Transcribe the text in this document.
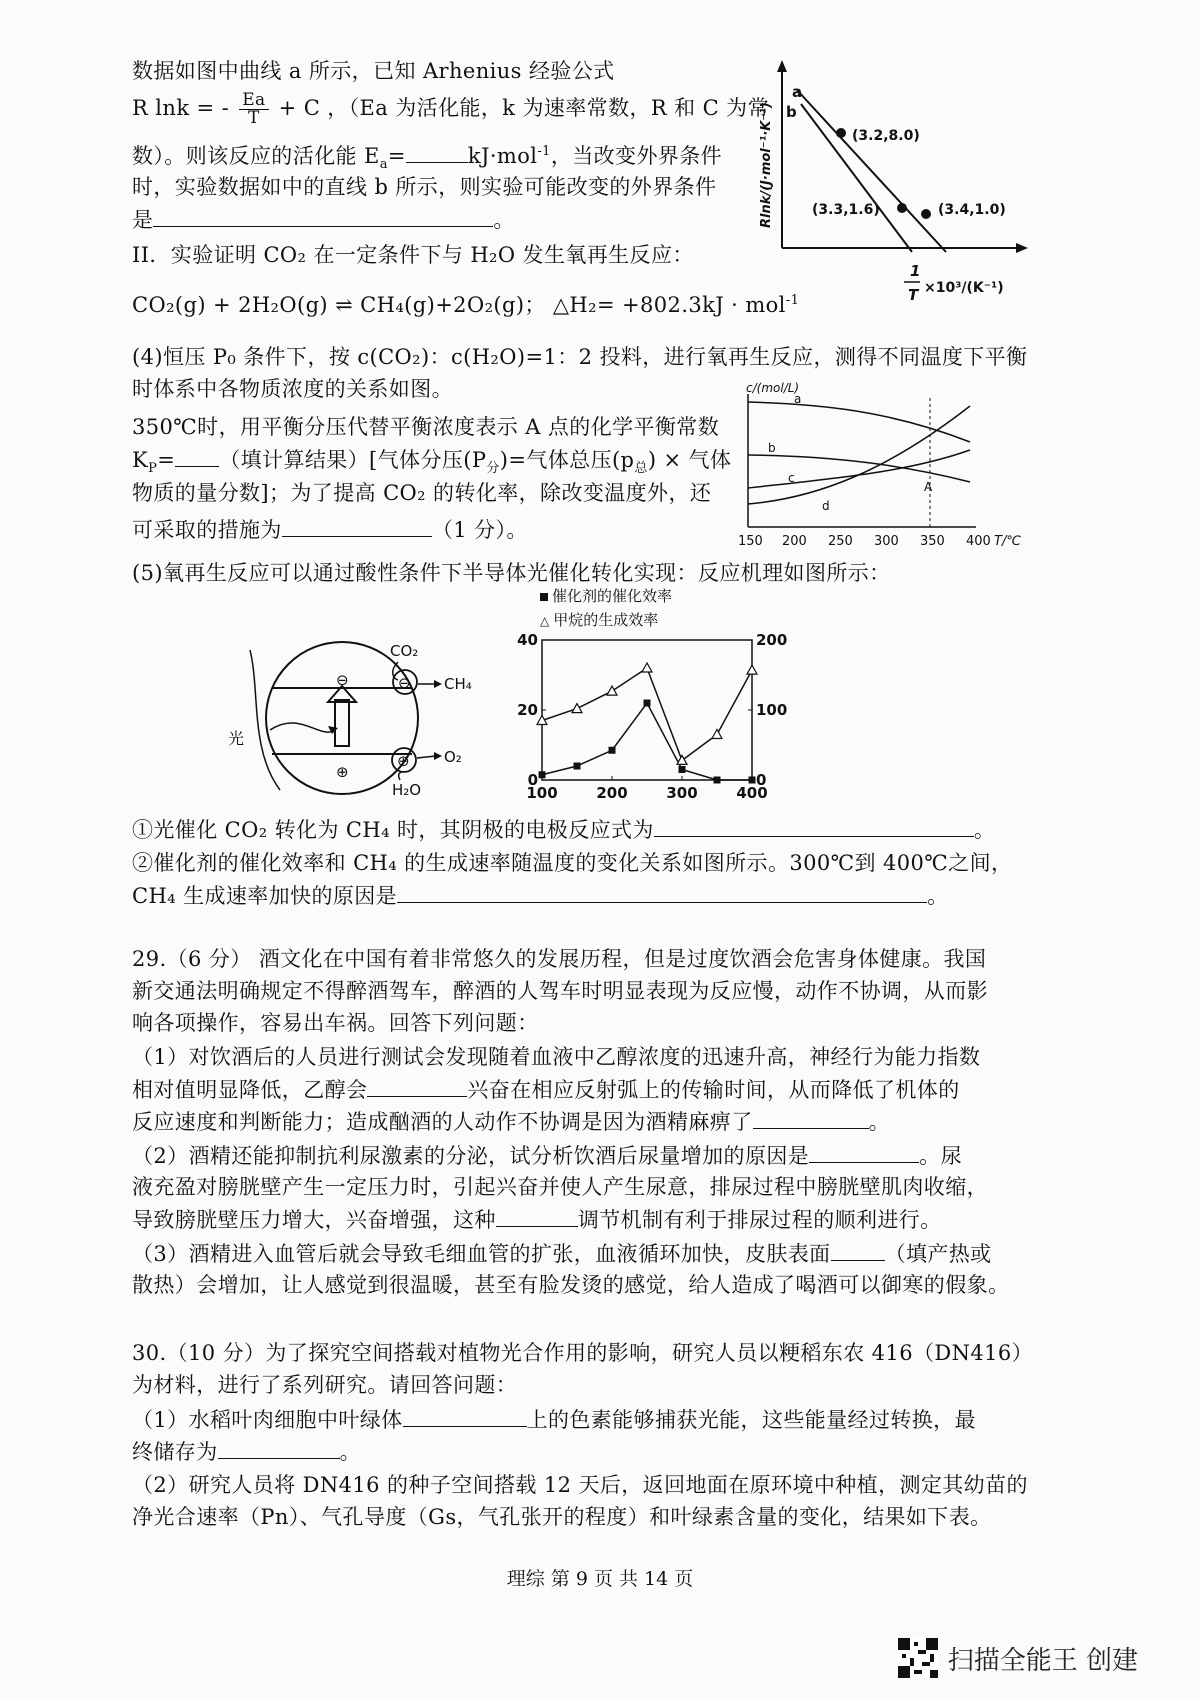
数据如图中曲线 a 所示，已知 Arhenius 经验公式
R lnk = - $\frac{Ea}{T} + C$ ，（Ea 为活化能，k 为速率常数，R 和 C 为常
数）。则该反应的活化能 $E_a=$	kJ·mol$^{-1}$，当改变外界条件
时，实验数据如中的直线 b 所示，则实验可能改变的外界条件
是	。
II．实验证明 CO₂ 在一定条件下与 H₂O 发生氧再生反应：
CO₂(g) + 2H₂O(g) ⇌ CH₄(g)+2O₂(g)； △H₂= +802.3kJ · mol$^{-1}$
a
b
(3.2,8.0)
(3.3,1.6)	(3.4,1.0)
Rlnk/(J·mol⁻¹·K⁻¹)
1
T ×10³/(K⁻¹)
(4)恒压 P₀ 条件下，按 c(CO₂)：c(H₂O)=1：2 投料，进行氧再生反应，测得不同温度下平衡
时体系中各物质浓度的关系如图。
350℃时，用平衡分压代替平衡浓度表示 A 点的化学平衡常数
$K_P=$ （填计算结果）[气体分压$(P_分)=$气体总压$(p_总)$ × 气体
物质的量分数]；为了提高 CO₂ 的转化率，除改变温度外，还
可采取的措施为	（1 分）。
c/(mol/L)
a
b
c
d
A
150 200 250 300 350 400 T/℃
(5)氧再生反应可以通过酸性条件下半导体光催化转化实现：反应机理如图所示：
⊖
⊕
⊖
⊕
CO₂
CH₄
O₂
H₂O
光
催化剂的催化效率
△ 甲烷的生成效率
100	200	300	400
0
20
40
0
100
200
①光催化 CO₂ 转化为 CH₄ 时，其阴极的电极反应式为	。
②催化剂的催化效率和 CH₄ 的生成速率随温度的变化关系如图所示。300℃到 400℃之间，
CH₄ 生成速率加快的原因是	。
29.（6 分） 酒文化在中国有着非常悠久的发展历程，但是过度饮酒会危害身体健康。我国
新交通法明确规定不得醉酒驾车，醉酒的人驾车时明显表现为反应慢，动作不协调，从而影
响各项操作，容易出车祸。回答下列问题：
（1）对饮酒后的人员进行测试会发现随着血液中乙醇浓度的迅速升高，神经行为能力指数
相对值明显降低，乙醇会	兴奋在相应反射弧上的传输时间，从而降低了机体的
反应速度和判断能力；造成酗酒的人动作不协调是因为酒精麻痹了	。
（2）酒精还能抑制抗利尿激素的分泌，试分析饮酒后尿量增加的原因是	。尿
液充盈对膀胱壁产生一定压力时，引起兴奋并使人产生尿意，排尿过程中膀胱壁肌肉收缩，
导致膀胱壁压力增大，兴奋增强，这种	调节机制有利于排尿过程的顺利进行。
（3）酒精进入血管后就会导致毛细血管的扩张，血液循环加快，皮肤表面	（填产热或
散热）会增加，让人感觉到很温暖，甚至有脸发烫的感觉，给人造成了喝酒可以御寒的假象。
30.（10 分）为了探究空间搭载对植物光合作用的影响，研究人员以粳稻东农 416（DN416）
为材料，进行了系列研究。请回答问题：
（1）水稻叶肉细胞中叶绿体	上的色素能够捕获光能，这些能量经过转换，最
终储存为	。
（2）研究人员将 DN416 的种子空间搭载 12 天后，返回地面在原环境中种植，测定其幼苗的
净光合速率（Pn）、气孔导度（Gs，气孔张开的程度）和叶绿素含量的变化，结果如下表。
理综 第 9 页 共 14 页
扫描全能王 创建
